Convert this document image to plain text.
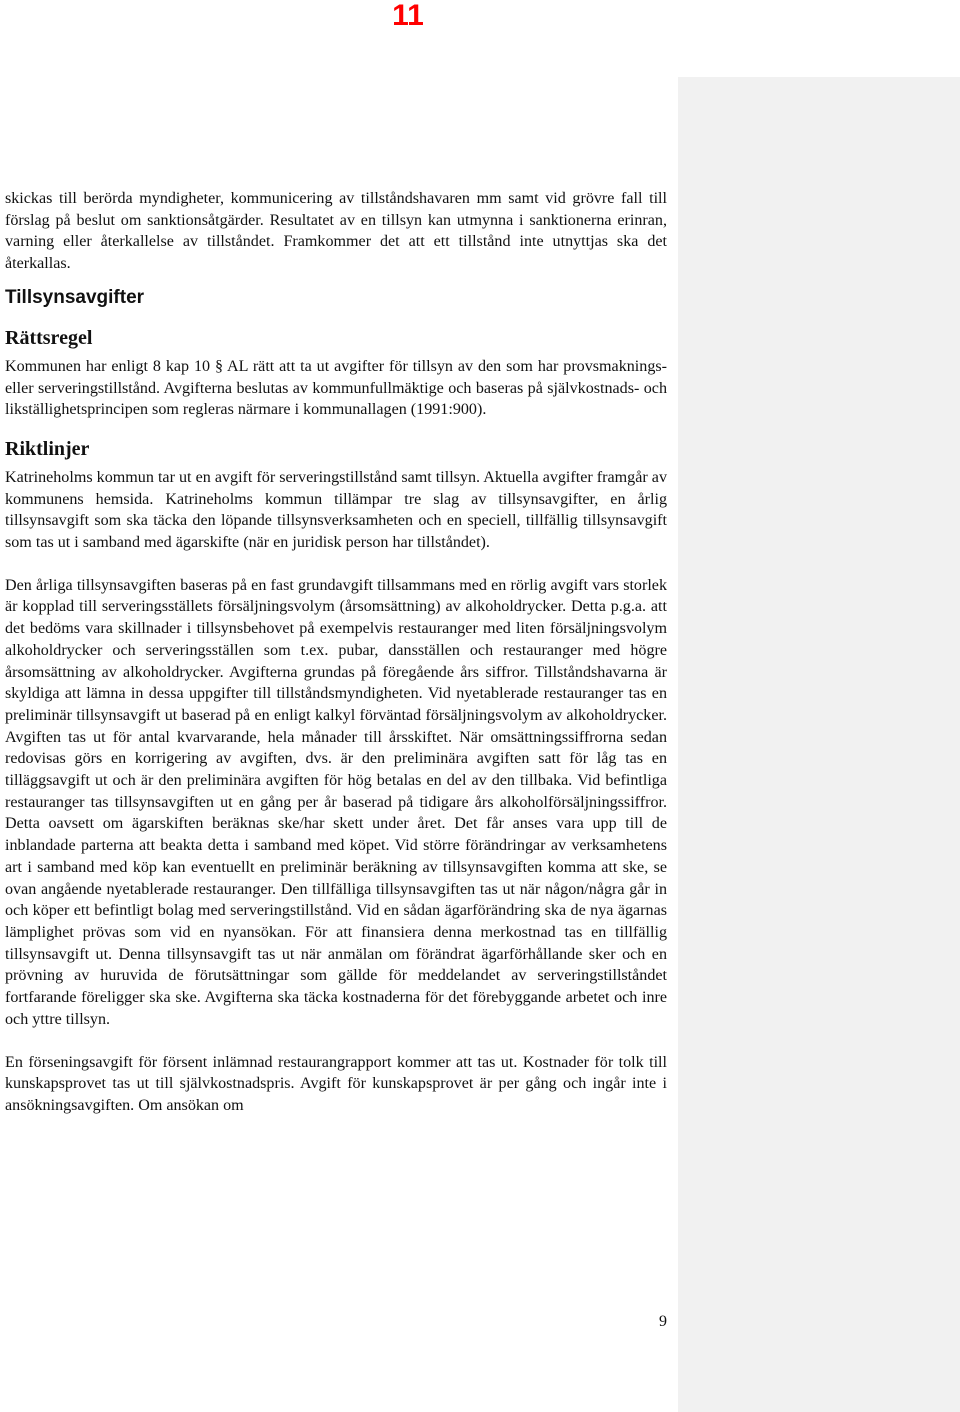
11

skickas till berörda myndigheter, kommunicering av tillståndshavaren mm samt vid grövre fall till förslag på beslut om sanktionsåtgärder. Resultatet av en tillsyn kan utmynna i sanktionerna erinran, varning eller återkallelse av tillståndet. Framkommer det att ett tillstånd inte utnyttjas ska det återkallas.

Tillsynsavgifter
Rättsregel

Kommunen har enligt 8 kap 10 § AL rätt att ta ut avgifter för tillsyn av den som har provsmaknings- eller serveringstillstånd. Avgifterna beslutas av kommunfullmäktige och baseras på självkostnads- och likställighetsprincipen som regleras närmare i kommunallagen (1991:900).

Riktlinjer

Katrineholms kommun tar ut en avgift för serveringstillstånd samt tillsyn. Aktuella avgifter framgår av kommunens hemsida. Katrineholms kommun tillämpar tre slag av tillsynsavgifter, en årlig tillsynsavgift som ska täcka den löpande tillsynsverksamheten och en speciell, tillfällig tillsynsavgift som tas ut i samband med ägarskifte (när en juridisk person har tillståndet).

Den årliga tillsynsavgiften baseras på en fast grundavgift tillsammans med en rörlig avgift vars storlek är kopplad till serveringsställets försäljningsvolym (årsomsättning) av alkoholdrycker. Detta p.g.a. att det bedöms vara skillnader i tillsynsbehovet på exempelvis restauranger med liten försäljningsvolym alkoholdrycker och serveringsställen som t.ex. pubar, dansställen och restauranger med högre årsomsättning av alkoholdrycker. Avgifterna grundas på föregående års siffror. Tillståndshavarna är skyldiga att lämna in dessa uppgifter till tillståndsmyndigheten. Vid nyetablerade restauranger tas en preliminär tillsynsavgift ut baserad på en enligt kalkyl förväntad försäljningsvolym av alkoholdrycker. Avgiften tas ut för antal kvarvarande, hela månader till årsskiftet. När omsättningssiffrorna sedan redovisas görs en korrigering av avgiften, dvs. är den preliminära avgiften satt för låg tas en tilläggsavgift ut och är den preliminära avgiften för hög betalas en del av den tillbaka. Vid befintliga restauranger tas tillsynsavgiften ut en gång per år baserad på tidigare års alkoholförsäljningssiffror. Detta oavsett om ägarskiften beräknas ske/har skett under året. Det får anses vara upp till de inblandade parterna att beakta detta i samband med köpet. Vid större förändringar av verksamhetens art i samband med köp kan eventuellt en preliminär beräkning av tillsynsavgiften komma att ske, se ovan angående nyetablerade restauranger. Den tillfälliga tillsynsavgiften tas ut när någon/några går in och köper ett befintligt bolag med serveringstillstånd. Vid en sådan ägarförändring ska de nya ägarnas lämplighet prövas som vid en nyansökan. För att finansiera denna merkostnad tas en tillfällig tillsynsavgift ut. Denna tillsynsavgift tas ut när anmälan om förändrat ägarförhållande sker och en prövning av huruvida de förutsättningar som gällde för meddelandet av serveringstillståndet fortfarande föreligger ska ske. Avgifterna ska täcka kostnaderna för det förebyggande arbetet och inre och yttre tillsyn.

En förseningsavgift för försent inlämnad restaurangrapport kommer att tas ut. Kostnader för tolk till kunskapsprovet tas ut till självkostnadspris. Avgift för kunskapsprovet är per gång och ingår inte i ansökningsavgiften. Om ansökan om

9
